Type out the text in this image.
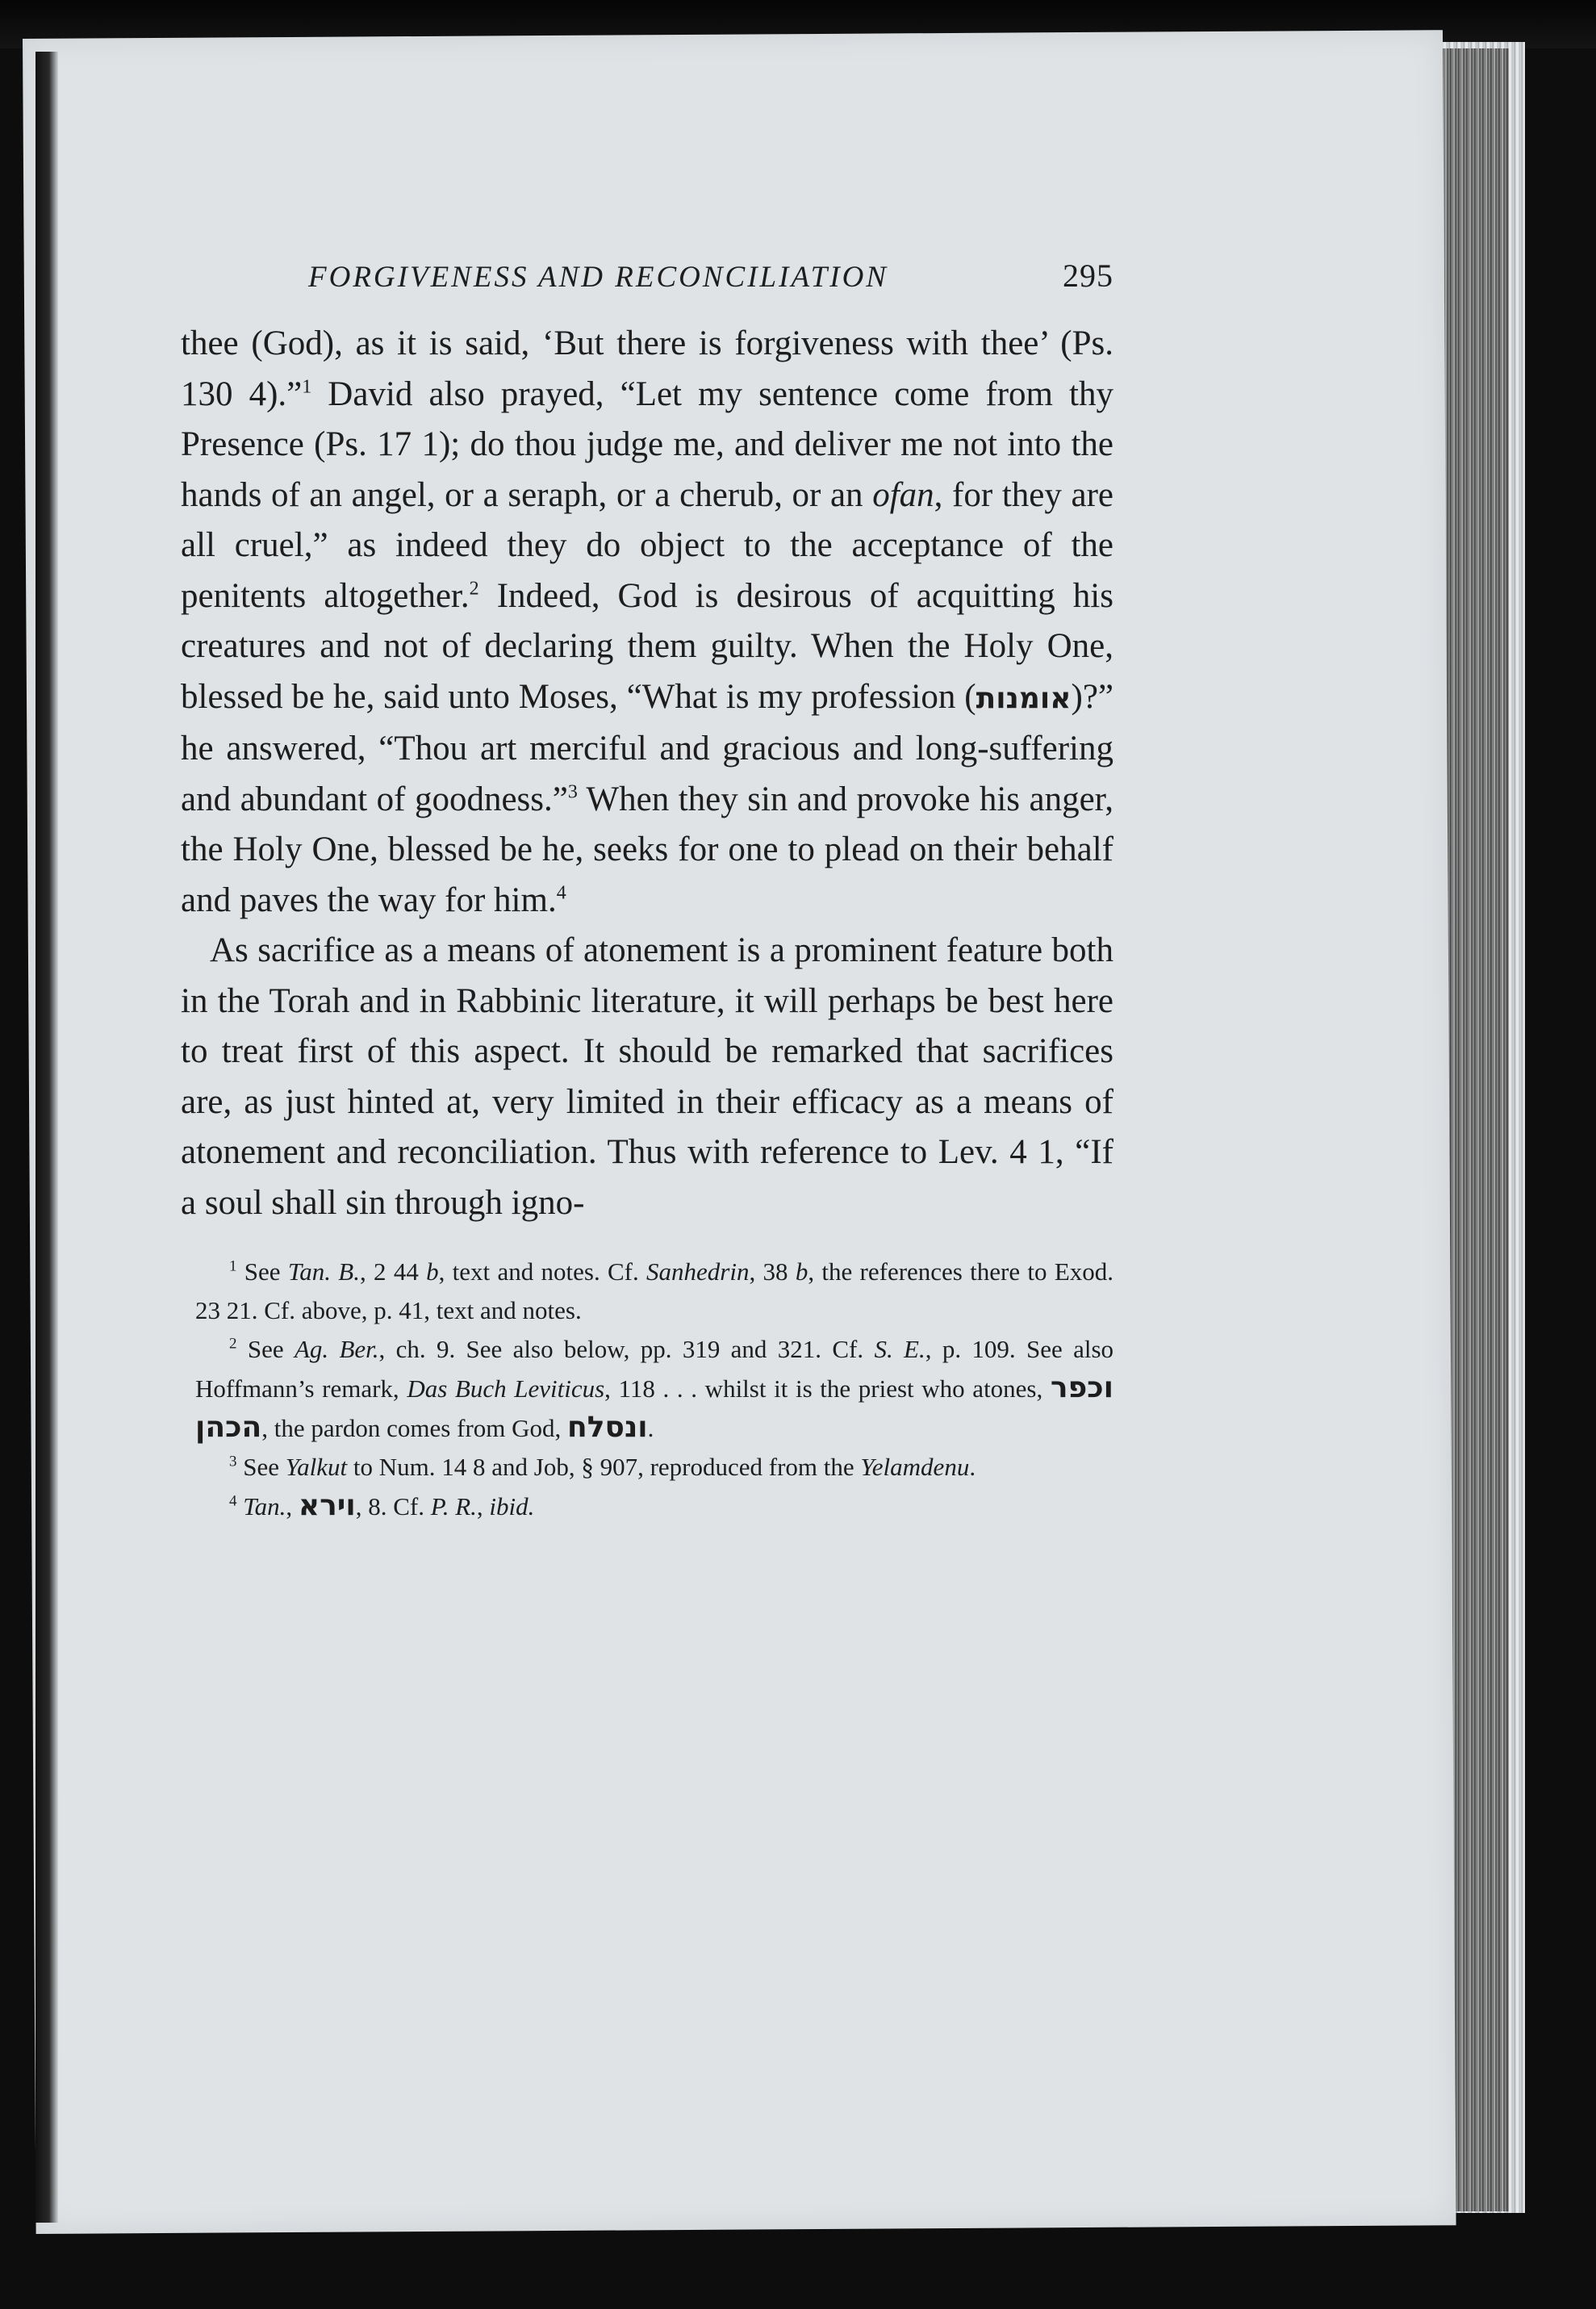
FORGIVENESS AND RECONCILIATION	295

thee (God), as it is said, ‘But there is forgiveness with thee’ (Ps. 130 4).”$^1$ David also prayed, “Let my sentence come from thy Presence (Ps. 17 1); do thou judge me, and deliver me not into the hands of an angel, or a seraph, or a cherub, or an ofan, for they are all cruel,” as indeed they do object to the acceptance of the penitents altogether.$^2$ Indeed, God is desirous of acquitting his creatures and not of declaring them guilty. When the Holy One, blessed be he, said unto Moses, “What is my profession (אומנות)?” he answered, “Thou art merciful and gracious and long-suffering and abundant of goodness.”$^3$ When they sin and provoke his anger, the Holy One, blessed be he, seeks for one to plead on their behalf and paves the way for him.$^4$

As sacrifice as a means of atonement is a prominent feature both in the Torah and in Rabbinic literature, it will perhaps be best here to treat first of this aspect. It should be remarked that sacrifices are, as just hinted at, very limited in their efficacy as a means of atonement and reconciliation. Thus with reference to Lev. 4 1, “If a soul shall sin through igno-

$^1$ See Tan. B., 2 44 b, text and notes. Cf. Sanhedrin, 38 b, the references there to Exod. 23 21. Cf. above, p. 41, text and notes.

$^2$ See Ag. Ber., ch. 9. See also below, pp. 319 and 321. Cf. S. E., p. 109. See also Hoffmann’s remark, Das Buch Leviticus, 118 . . . whilst it is the priest who atones, וכפר הכהן, the pardon comes from God, ונסלח.

$^3$ See Yalkut to Num. 14 8 and Job, § 907, reproduced from the Yelamdenu.

$^4$ Tan., וירא, 8. Cf. P. R., ibid.
